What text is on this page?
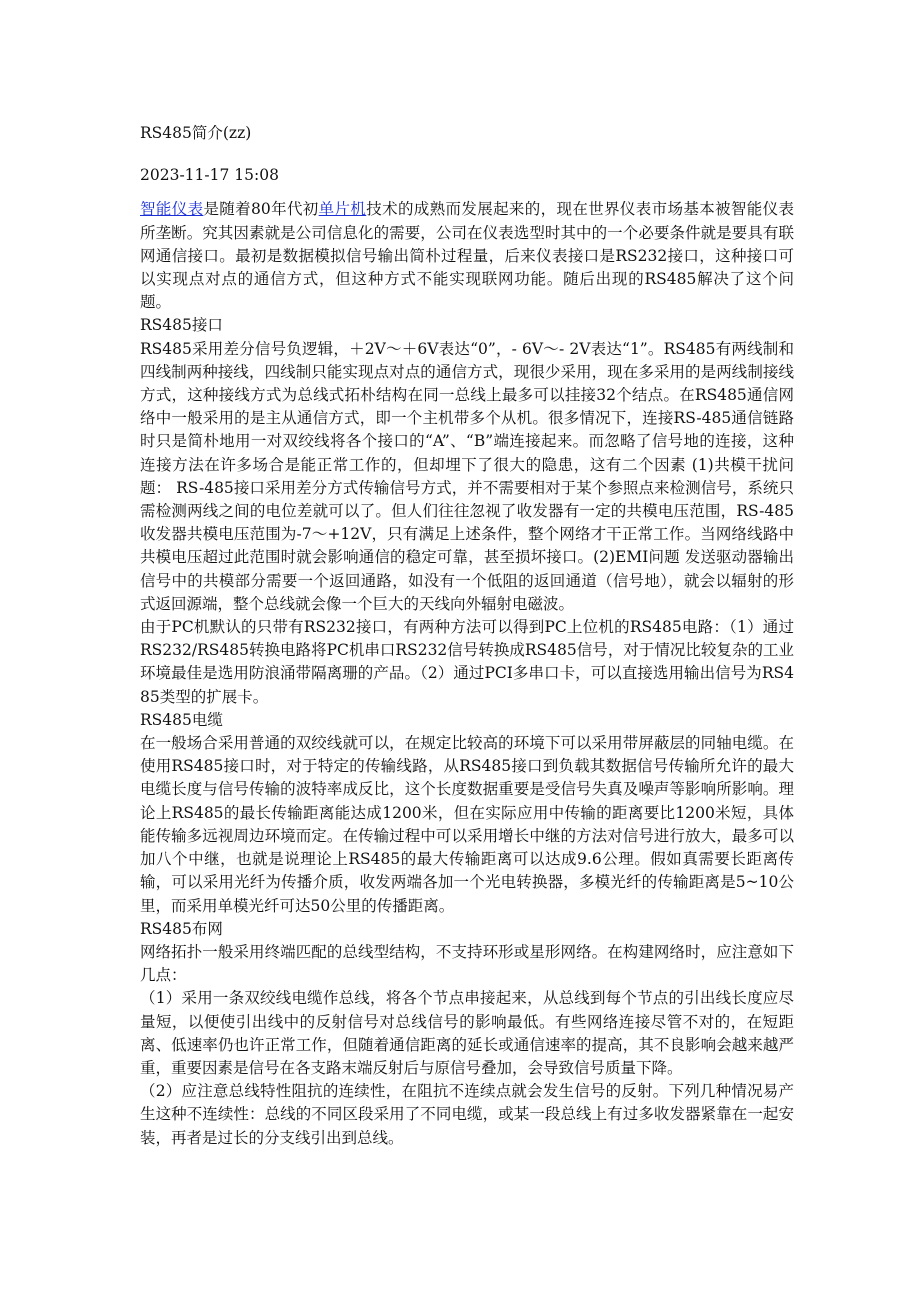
RS485简介(zz)
2023-11-17 15:08

智能仪表是随着80年代初单片机技术的成熟而发展起来的，现在世界仪表市场基本被智能仪表所垄断。究其因素就是公司信息化的需要，公司在仪表选型时其中的一个必要条件就是要具有联网通信接口。最初是数据模拟信号输出简朴过程量，后来仪表接口是RS232接口，这种接口可以实现点对点的通信方式，但这种方式不能实现联网功能。随后出现的RS485解决了这个问题。

RS485接口

RS485采用差分信号负逻辑，＋2V～＋6V表达“0”，- 6V～- 2V表达“1”。RS485有两线制和四线制两种接线，四线制只能实现点对点的通信方式，现很少采用，现在多采用的是两线制接线方式，这种接线方式为总线式拓朴结构在同一总线上最多可以挂接32个结点。在RS485通信网络中一般采用的是主从通信方式，即一个主机带多个从机。很多情况下，连接RS-485通信链路时只是简朴地用一对双绞线将各个接口的“A”、“B”端连接起来。而忽略了信号地的连接，这种连接方法在许多场合是能正常工作的，但却埋下了很大的隐患，这有二个因素 (1)共模干扰问题： RS-485接口采用差分方式传输信号方式，并不需要相对于某个参照点来检测信号，系统只需检测两线之间的电位差就可以了。但人们往往忽视了收发器有一定的共模电压范围，RS-485收发器共模电压范围为-7～+12V，只有满足上述条件，整个网络才干正常工作。当网络线路中 共模电压超过此范围时就会影响通信的稳定可靠，甚至损坏接口。(2)EMI问题 发送驱动器输出信号中的共模部分需要一个返回通路，如没有一个低阻的返回通道（信号地），就会以辐射的形式返回源端，整个总线就会像一个巨大的天线向外辐射电磁波。

由于PC机默认的只带有RS232接口，有两种方法可以得到PC上位机的RS485电路：（1）通过RS232/RS485转换电路将PC机串口RS232信号转换成RS485信号，对于情况比较复杂的工业环境最佳是选用防浪涌带隔离珊的产品。（2）通过PCI多串口卡，可以直接选用输出信号为RS485类型的扩展卡。

RS485电缆

在一般场合采用普通的双绞线就可以，在规定比较高的环境下可以采用带屏蔽层的同轴电缆。在使用RS485接口时，对于特定的传输线路，从RS485接口到负载其数据信号传输所允许的最大电缆长度与信号传输的波特率成反比，这个长度数据重要是受信号失真及噪声等影响所影响。理论上RS485的最长传输距离能达成1200米，但在实际应用中传输的距离要比1200米短，具体能传输多远视周边环境而定。在传输过程中可以采用增长中继的方法对信号进行放大，最多可以加八个中继，也就是说理论上RS485的最大传输距离可以达成9.6公理。假如真需要长距离传输，可以采用光纤为传播介质，收发两端各加一个光电转换器，多模光纤的传输距离是5~10公里，而采用单模光纤可达50公里的传播距离。

RS485布网

网络拓扑一般采用终端匹配的总线型结构，不支持环形或星形网络。在构建网络时，应注意如下几点：

（1）采用一条双绞线电缆作总线，将各个节点串接起来，从总线到每个节点的引出线长度应尽量短，以便使引出线中的反射信号对总线信号的影响最低。有些网络连接尽管不对的，在短距离、低速率仍也许正常工作，但随着通信距离的延长或通信速率的提高，其不良影响会越来越严重，重要因素是信号在各支路末端反射后与原信号叠加，会导致信号质量下降。

（2）应注意总线特性阻抗的连续性，在阻抗不连续点就会发生信号的反射。下列几种情况易产生这种不连续性：总线的不同区段采用了不同电缆，或某一段总线上有过多收发器紧靠在一起安装，再者是过长的分支线引出到总线。
